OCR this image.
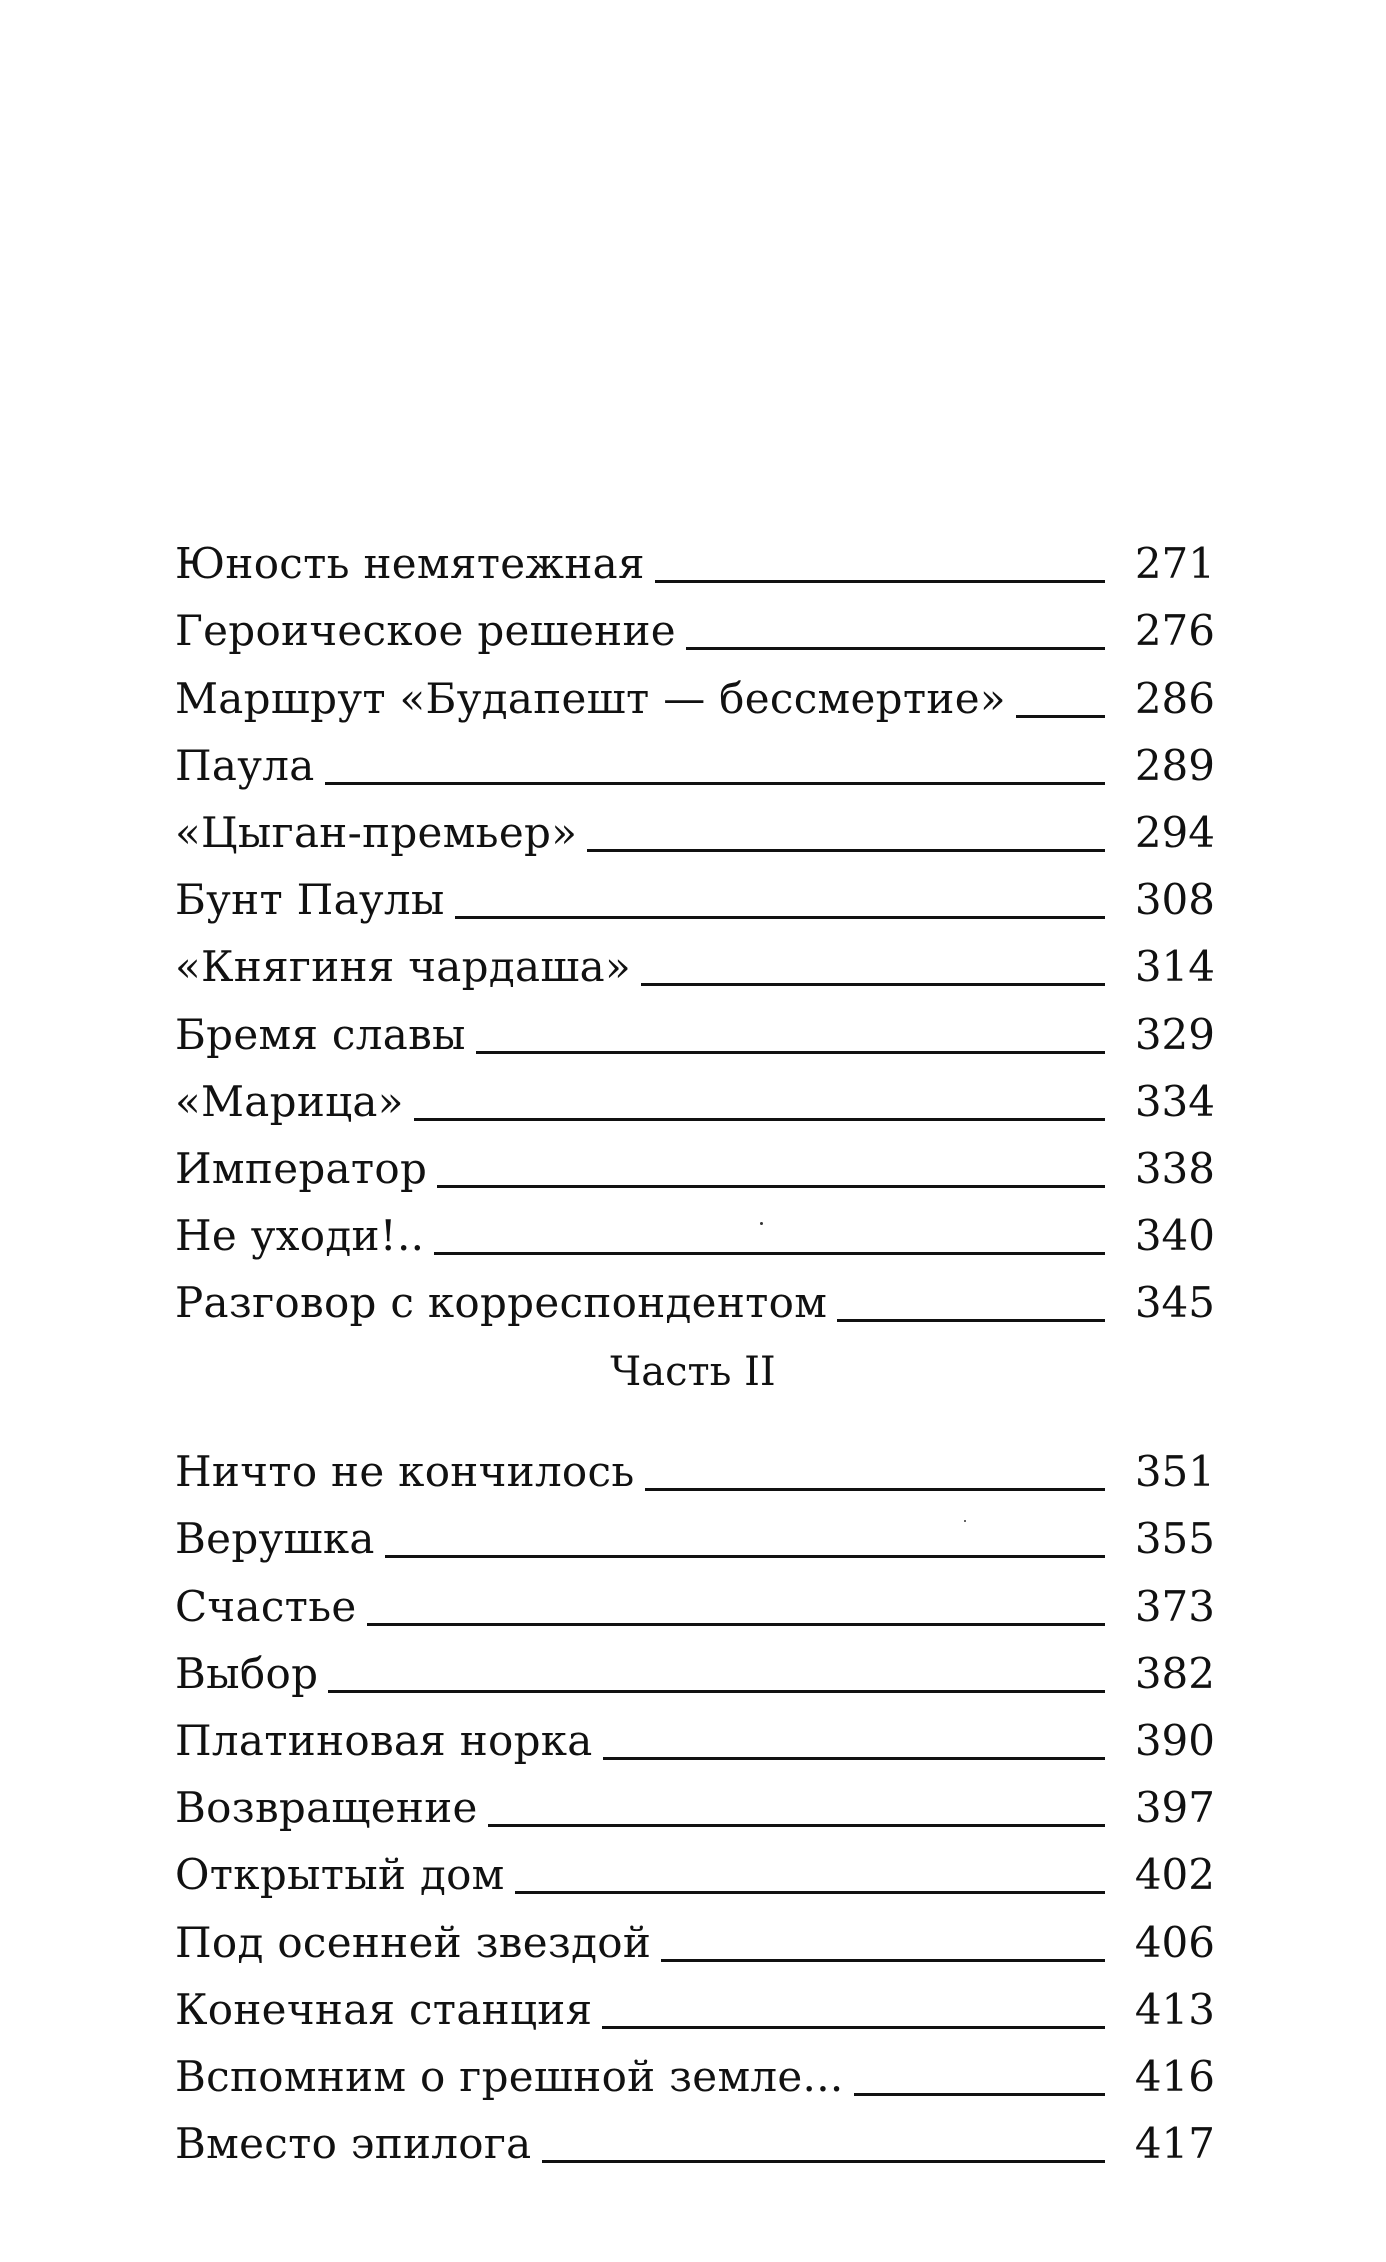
Юность немятежная	271
Героическое решение	276
Маршрут «Будапешт — бессмертие»	286
Паула	289
«Цыган-премьер»	294
Бунт Паулы	308
«Княгиня чардаша»	314
Бремя славы	329
«Марица»	334
Император	338
Не уходи!..	340
Разговор с корреспондентом	345
Часть II
Ничто не кончилось	351
Верушка	355
Счастье	373
Выбор	382
Платиновая норка	390
Возвращение	397
Открытый дом	402
Под осенней звездой	406
Конечная станция	413
Вспомним о грешной земле...	416
Вместо эпилога	417
